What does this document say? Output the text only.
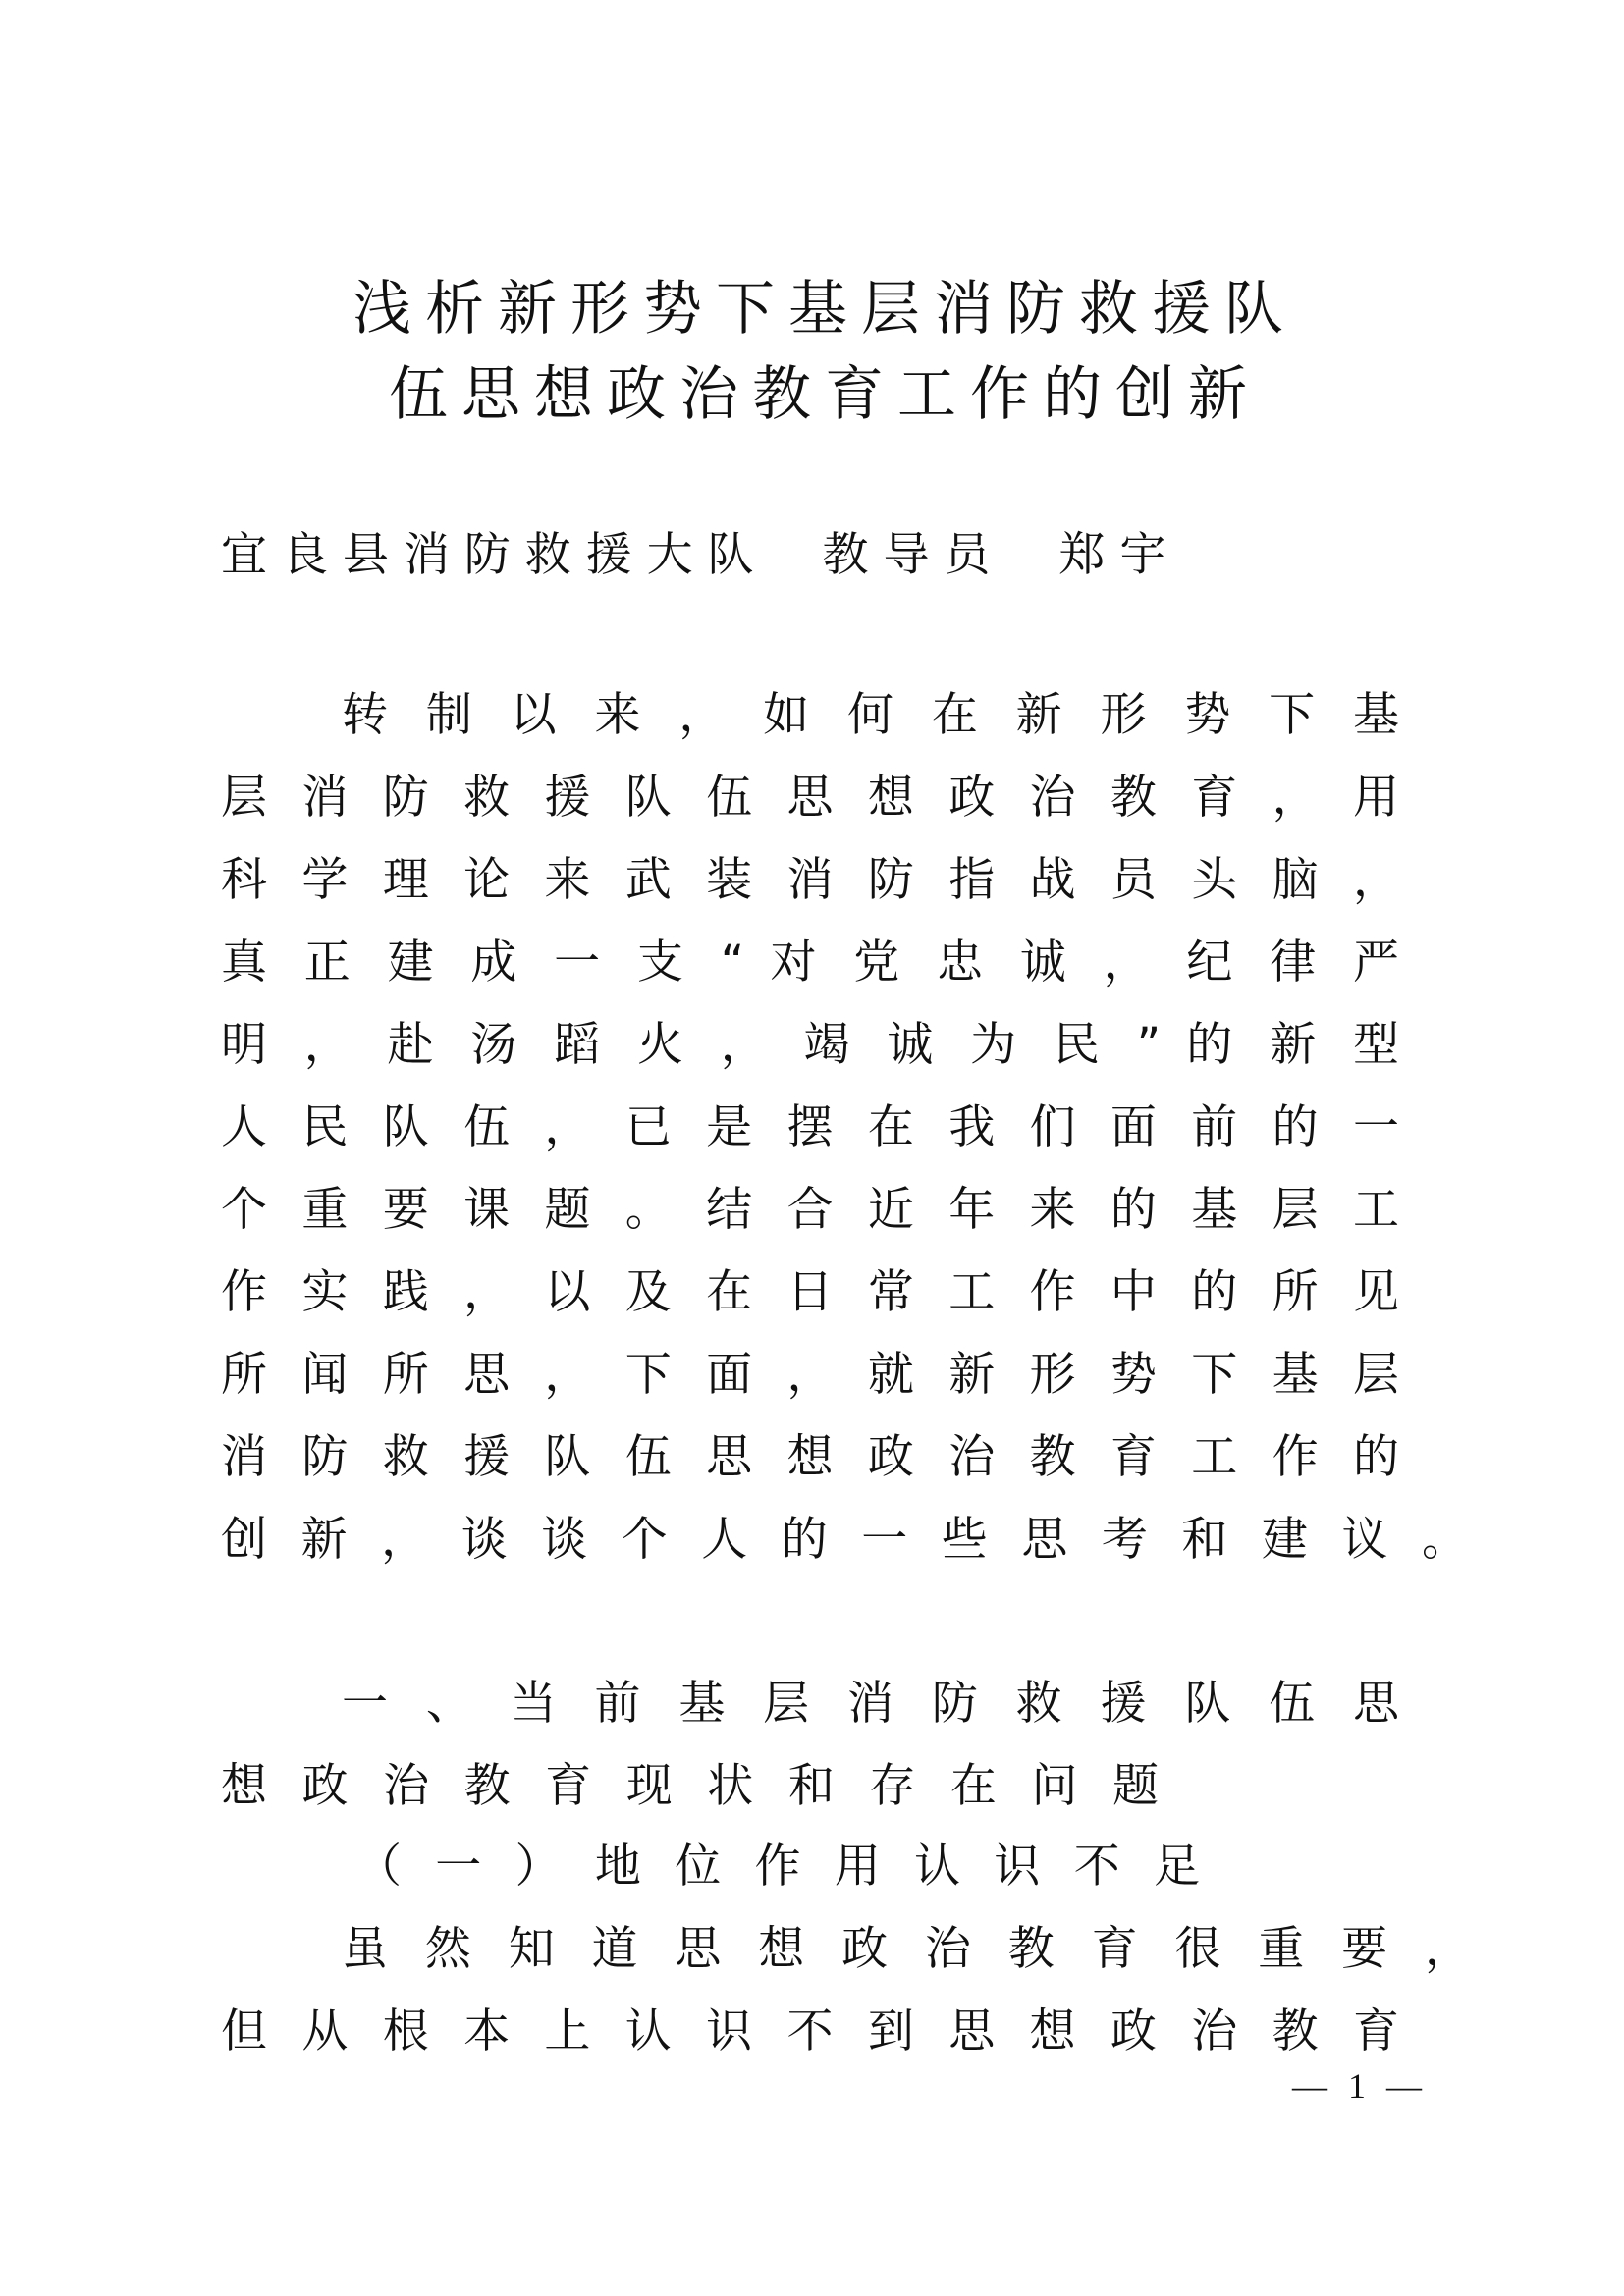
浅析新形势下基层消防救援队
伍思想政治教育工作的创新
宜 良 县 消 防 救 援 大 队 教 导 员 郑 宇
转 制 以 来 ， 如 何 在 新 形 势 下 基
层 消 防 救 援 队 伍 思 想 政 治 教 育 ， 用
科 学 理 论 来 武 装 消 防 指 战 员 头 脑 ，
真 正 建 成 一 支 “ 对 党 忠 诚 ， 纪 律 严
明 ， 赴 汤 蹈 火 ， 竭 诚 为 民 ” 的 新 型
人 民 队 伍 ， 已 是 摆 在 我 们 面 前 的 一
个 重 要 课 题 。 结 合 近 年 来 的 基 层 工
作 实 践 ， 以 及 在 日 常 工 作 中 的 所 见
所 闻 所 思 ， 下 面 ， 就 新 形 势 下 基 层
消 防 救 援 队 伍 思 想 政 治 教 育 工 作 的
创 新 ， 谈 谈 个 人 的 一 些 思 考 和 建 议 。
一 、 当 前 基 层 消 防 救 援 队 伍 思
想 政 治 教 育 现 状 和 存 在 问 题
（ 一 ） 地 位 作 用 认 识 不 足
虽 然 知 道 思 想 政 治 教 育 很 重 要 ，
但 从 根 本 上 认 识 不 到 思 想 政 治 教 育
— 1 —
